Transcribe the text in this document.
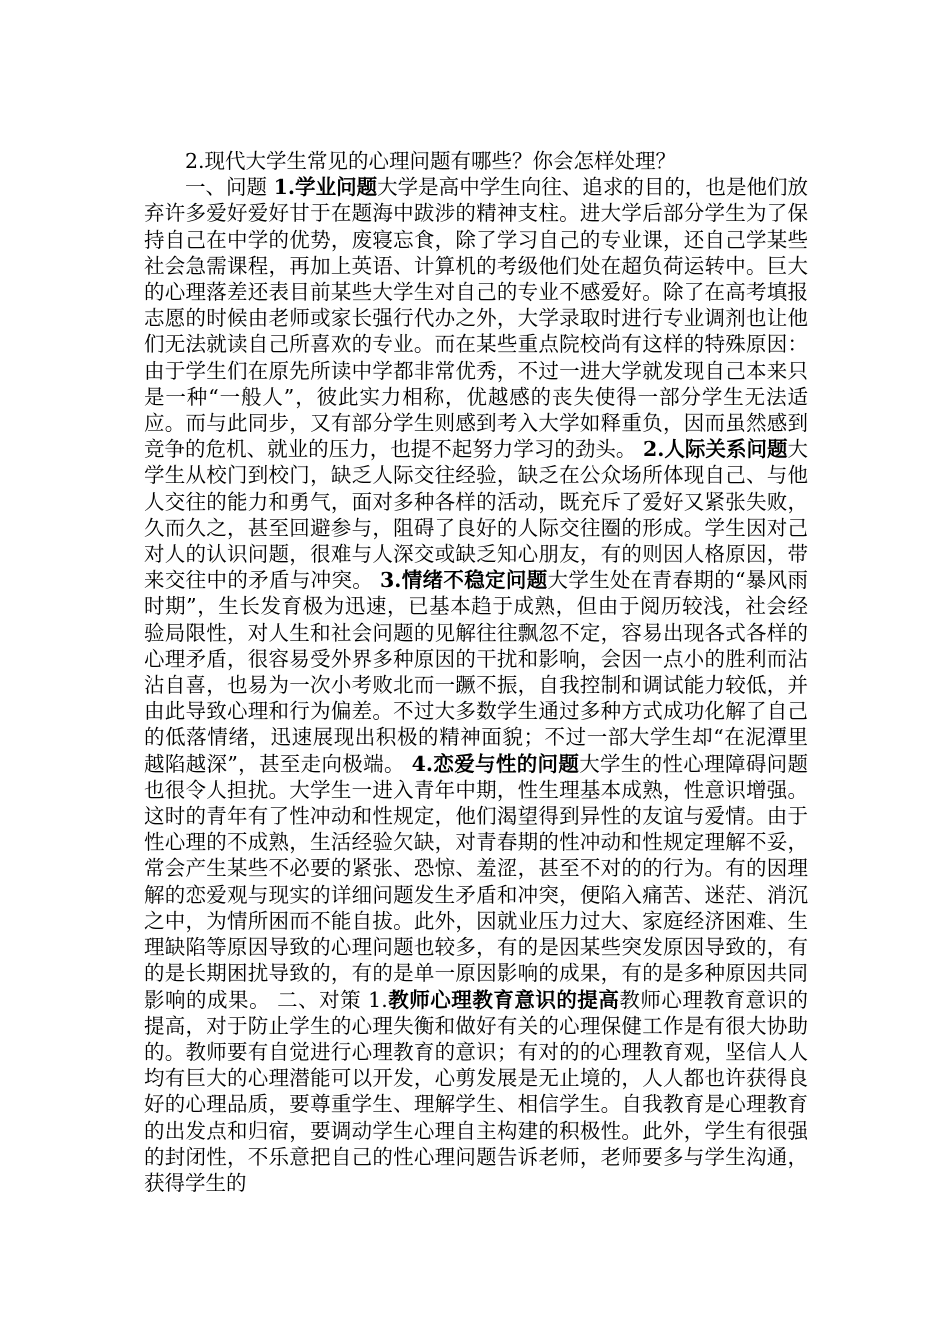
2.现代大学生常见的心理问题有哪些？你会怎样处理？

一、问题 1.学业问题大学是高中学生向往、追求的目的，也是他们放弃许多爱好爱好甘于在题海中跋涉的精神支柱。进大学后部分学生为了保持自己在中学的优势，废寝忘食，除了学习自己的专业课，还自己学某些社会急需课程，再加上英语、计算机的考级他们处在超负荷运转中。巨大的心理落差还表目前某些大学生对自己的专业不感爱好。除了在高考填报志愿的时候由老师或家长强行代办之外，大学录取时进行专业调剂也让他们无法就读自己所喜欢的专业。而在某些重点院校尚有这样的特殊原因：由于学生们在原先所读中学都非常优秀，不过一进大学就发现自己本来只是一种“一般人”，彼此实力相称，优越感的丧失使得一部分学生无法适应。而与此同步，又有部分学生则感到考入大学如释重负，因而虽然感到竞争的危机、就业的压力，也提不起努力学习的劲头。 2.人际关系问题大学生从校门到校门，缺乏人际交往经验，缺乏在公众场所体现自己、与他人交往的能力和勇气，面对多种各样的活动，既充斥了爱好又紧张失败，久而久之，甚至回避参与，阻碍了良好的人际交往圈的形成。学生因对己对人的认识问题，很难与人深交或缺乏知心朋友，有的则因人格原因，带来交往中的矛盾与冲突。 3.情绪不稳定问题大学生处在青春期的“暴风雨时期”，生长发育极为迅速，已基本趋于成熟，但由于阅历较浅，社会经验局限性，对人生和社会问题的见解往往飘忽不定，容易出现各式各样的心理矛盾，很容易受外界多种原因的干扰和影响，会因一点小的胜利而沾沾自喜，也易为一次小考败北而一蹶不振，自我控制和调试能力较低，并由此导致心理和行为偏差。不过大多数学生通过多种方式成功化解了自己的低落情绪，迅速展现出积极的精神面貌；不过一部大学生却“在泥潭里越陷越深”，甚至走向极端。 4.恋爱与性的问题大学生的性心理障碍问题也很令人担扰。大学生一进入青年中期，性生理基本成熟，性意识增强。这时的青年有了性冲动和性规定，他们渴望得到异性的友谊与爱情。由于性心理的不成熟，生活经验欠缺，对青春期的性冲动和性规定理解不妥，常会产生某些不必要的紧张、恐惊、羞涩，甚至不对的的行为。有的因理解的恋爱观与现实的详细问题发生矛盾和冲突，便陷入痛苦、迷茫、消沉之中，为情所困而不能自拔。此外，因就业压力过大、家庭经济困难、生理缺陷等原因导致的心理问题也较多，有的是因某些突发原因导致的，有的是长期困扰导致的，有的是单一原因影响的成果，有的是多种原因共同影响的成果。 二、对策 1.教师心理教育意识的提高教师心理教育意识的提高，对于防止学生的心理失衡和做好有关的心理保健工作是有很大协助的。教师要有自觉进行心理教育的意识；有对的的心理教育观，坚信人人均有巨大的心理潜能可以开发，心剪发展是无止境的，人人都也许获得良好的心理品质，要尊重学生、理解学生、相信学生。自我教育是心理教育的出发点和归宿，要调动学生心理自主构建的积极性。此外，学生有很强的封闭性，不乐意把自己的性心理问题告诉老师，老师要多与学生沟通，获得学生的
